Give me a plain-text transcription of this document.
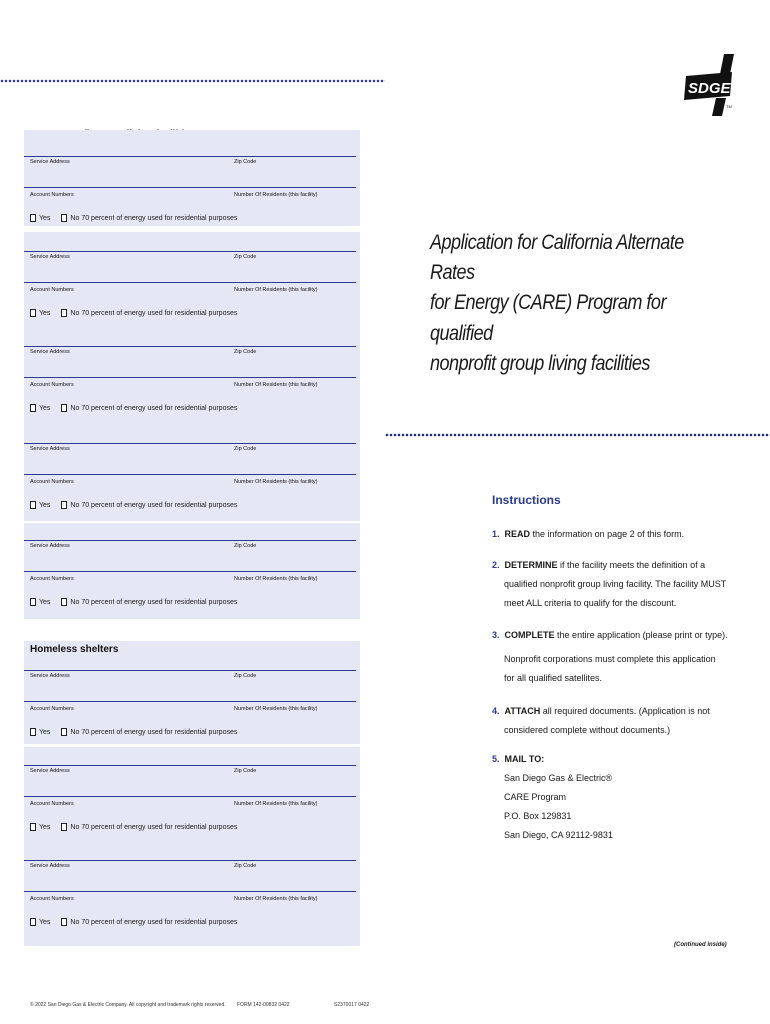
SDGE
TM
Service Address	Zip Code
Account Numbers	Number Of Residents (this facility)
Yes	No 70 percent of energy used for residential purposes
Service Address	Zip Code
Account Numbers	Number Of Residents (this facility)
Yes	No 70 percent of energy used for residential purposes
Service Address	Zip Code
Account Numbers	Number Of Residents (this facility)
Yes	No 70 percent of energy used for residential purposes
Service Address	Zip Code
Account Numbers	Number Of Residents (this facility)
Yes	No 70 percent of energy used for residential purposes
Service Address	Zip Code
Account Numbers	Number Of Residents (this facility)
Yes	No 70 percent of energy used for residential purposes
Service Address	Zip Code
Account Numbers	Number Of Residents (this facility)
Yes	No 70 percent of energy used for residential purposes
Service Address	Zip Code
Account Numbers	Number Of Residents (this facility)
Yes	No 70 percent of energy used for residential purposes
Service Address	Zip Code
Account Numbers	Number Of Residents (this facility)
Yes	No 70 percent of energy used for residential purposes
Homeless shelters
Application for California Alternate Rates
for Energy (CARE) Program for qualified
nonprofit group living facilities
Instructions
1. READ the information on page 2 of this form.
2. DETERMINE if the facility meets the definition of a
qualified nonprofit group living facility. The facility MUST
meet ALL criteria to qualify for the discount.
3. COMPLETE the entire application (please print or type).
Nonprofit corporations must complete this application
for all qualified satellites.
4. ATTACH all required documents. (Application is not
considered complete without documents.)
5. MAIL TO:
San Diego Gas & Electric®
CARE Program
P.O. Box 129831
San Diego, CA 92112-9831
(Continued inside)
© 2022 San Diego Gas & Electric Company. All copyright and trademark rights reserved. FORM 142-00832 0422	S2370017 0422
